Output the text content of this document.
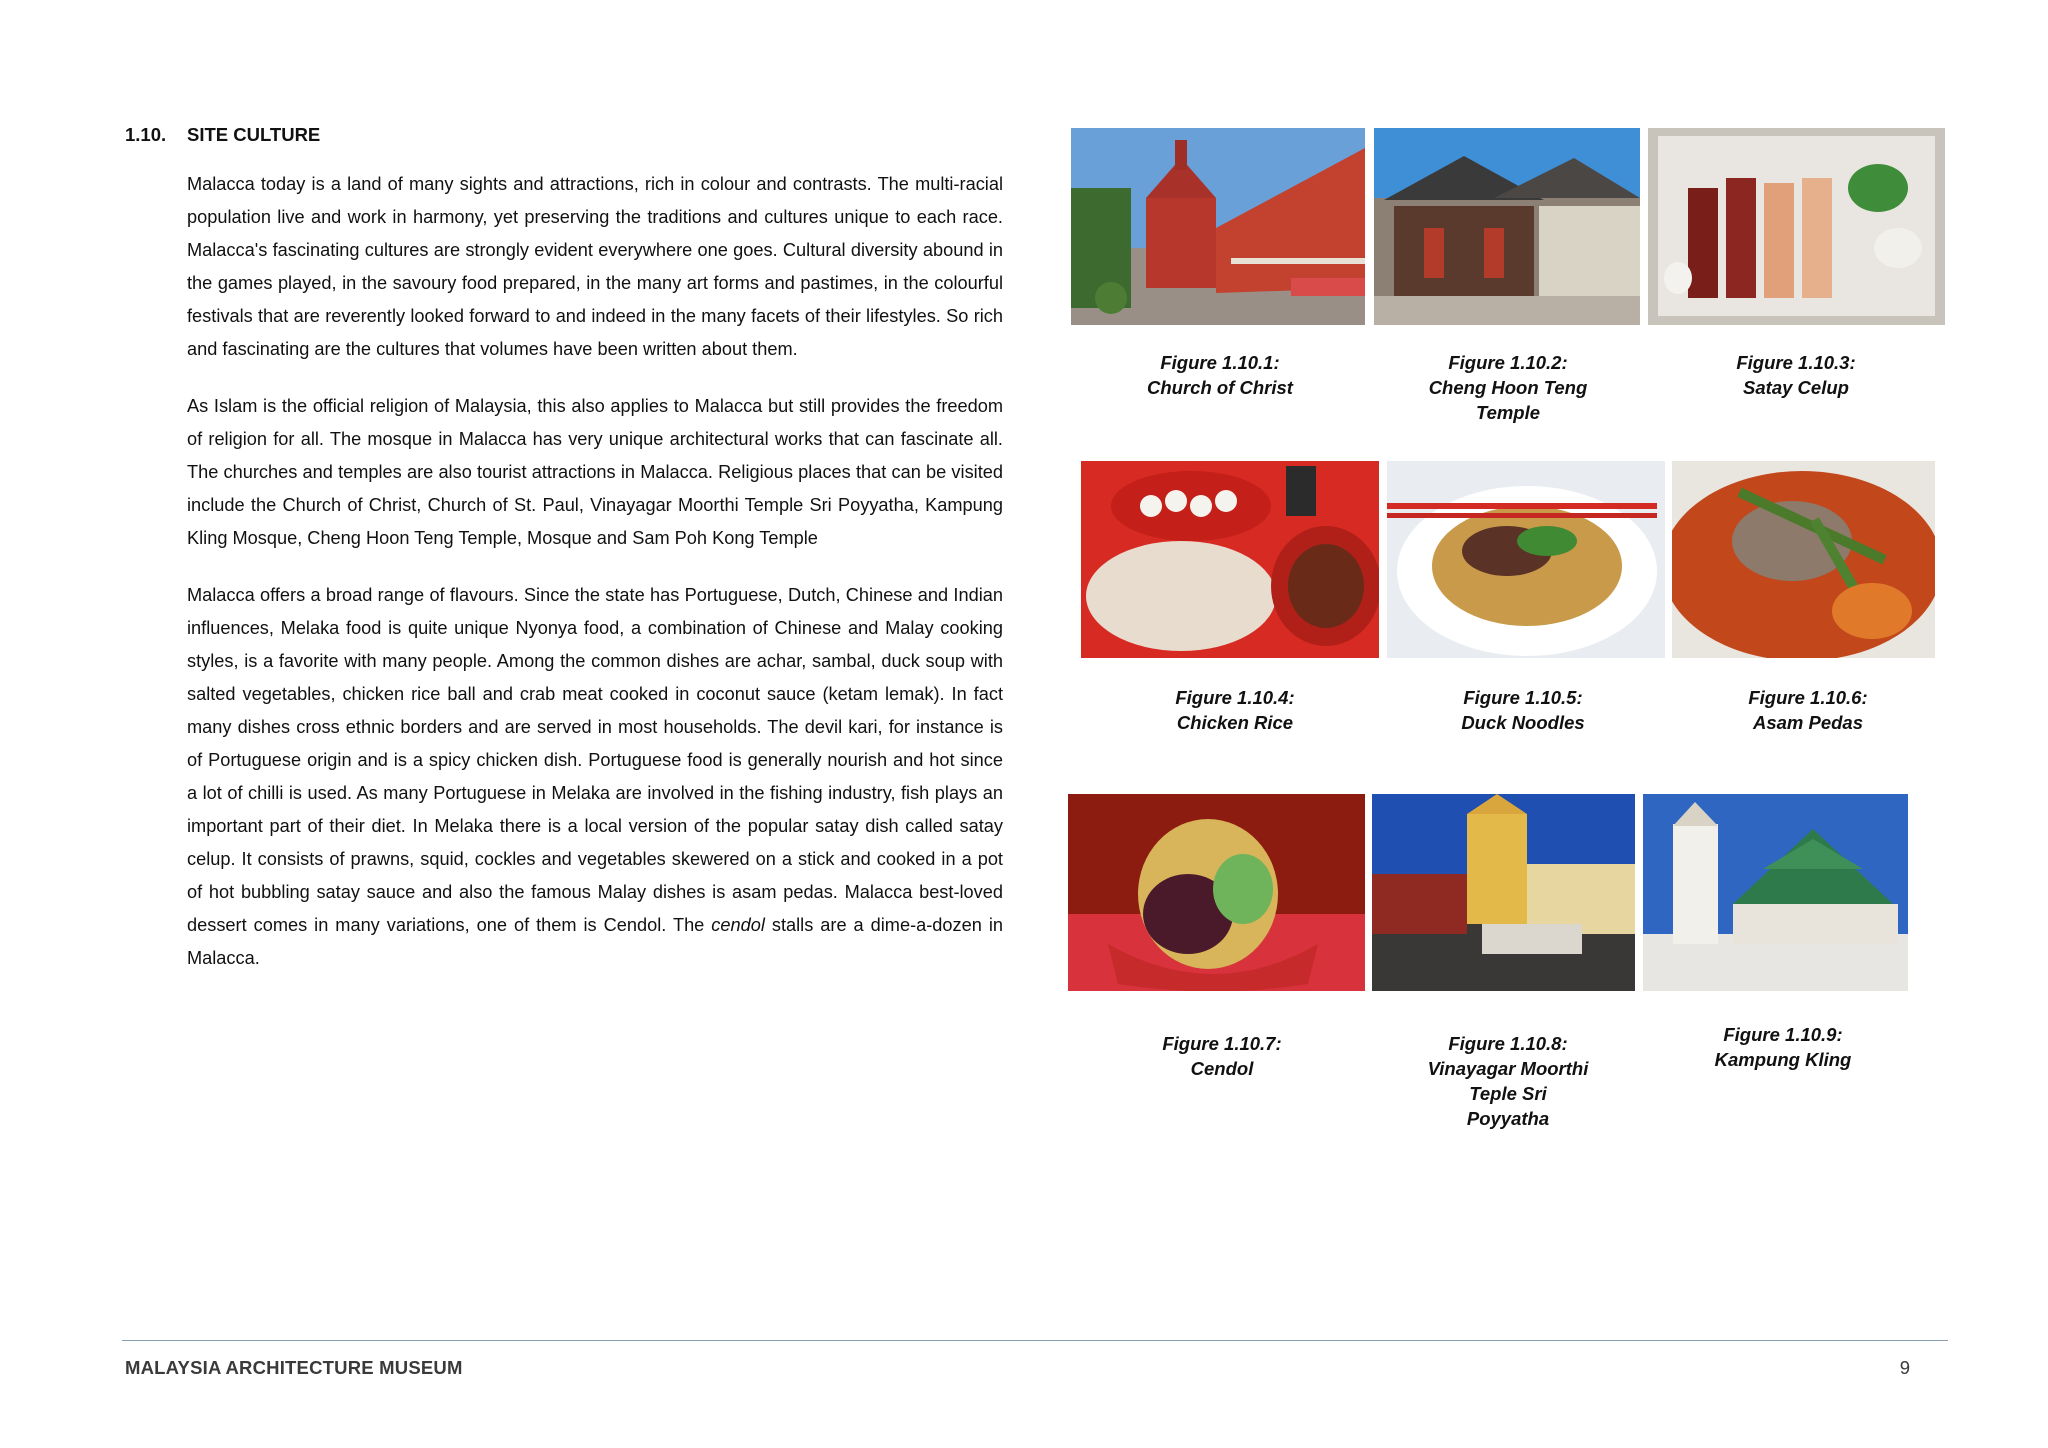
1.10. SITE CULTURE

Malacca today is a land of many sights and attractions, rich in colour and contrasts. The multi-racial population live and work in harmony, yet preserving the traditions and cultures unique to each race. Malacca's fascinating cultures are strongly evident everywhere one goes. Cultural diversity abound in the games played, in the savoury food prepared, in the many art forms and pastimes, in the colourful festivals that are reverently looked forward to and indeed in the many facets of their lifestyles. So rich and fascinating are the cultures that volumes have been written about them.

As Islam is the official religion of Malaysia, this also applies to Malacca but still provides the freedom of religion for all. The mosque in Malacca has very unique architectural works that can fascinate all. The churches and temples are also tourist attractions in Malacca. Religious places that can be visited include the Church of Christ, Church of St. Paul, Vinayagar Moorthi Temple Sri Poyyatha, Kampung Kling Mosque, Cheng Hoon Teng Temple, Mosque and Sam Poh Kong Temple

Malacca offers a broad range of flavours. Since the state has Portuguese, Dutch, Chinese and Indian influences, Melaka food is quite unique Nyonya food, a combination of Chinese and Malay cooking styles, is a favorite with many people. Among the common dishes are achar, sambal, duck soup with salted vegetables, chicken rice ball and crab meat cooked in coconut sauce (ketam lemak). In fact many dishes cross ethnic borders and are served in most households. The devil kari, for instance is of Portuguese origin and is a spicy chicken dish. Portuguese food is generally nourish and hot since a lot of chilli is used. As many Portuguese in Melaka are involved in the fishing industry, fish plays an important part of their diet. In Melaka there is a local version of the popular satay dish called satay celup. It consists of prawns, squid, cockles and vegetables skewered on a stick and cooked in a pot of hot bubbling satay sauce and also the famous Malay dishes is asam pedas. Malacca best-loved dessert comes in many variations, one of them is Cendol. The cendol stalls are a dime-a-dozen in Malacca.

Figure 1.10.1:
Church of Christ
Figure 1.10.2:
Cheng Hoon Teng
Temple
Figure 1.10.3:
Satay Celup
Figure 1.10.4:
Chicken Rice
Figure 1.10.5:
Duck Noodles
Figure 1.10.6:
Asam Pedas
Figure 1.10.7:
Cendol
Figure 1.10.8:
Vinayagar Moorthi
Teple Sri
Poyyatha
Figure 1.10.9:
Kampung Kling
MALAYSIA ARCHITECTURE MUSEUM	9
